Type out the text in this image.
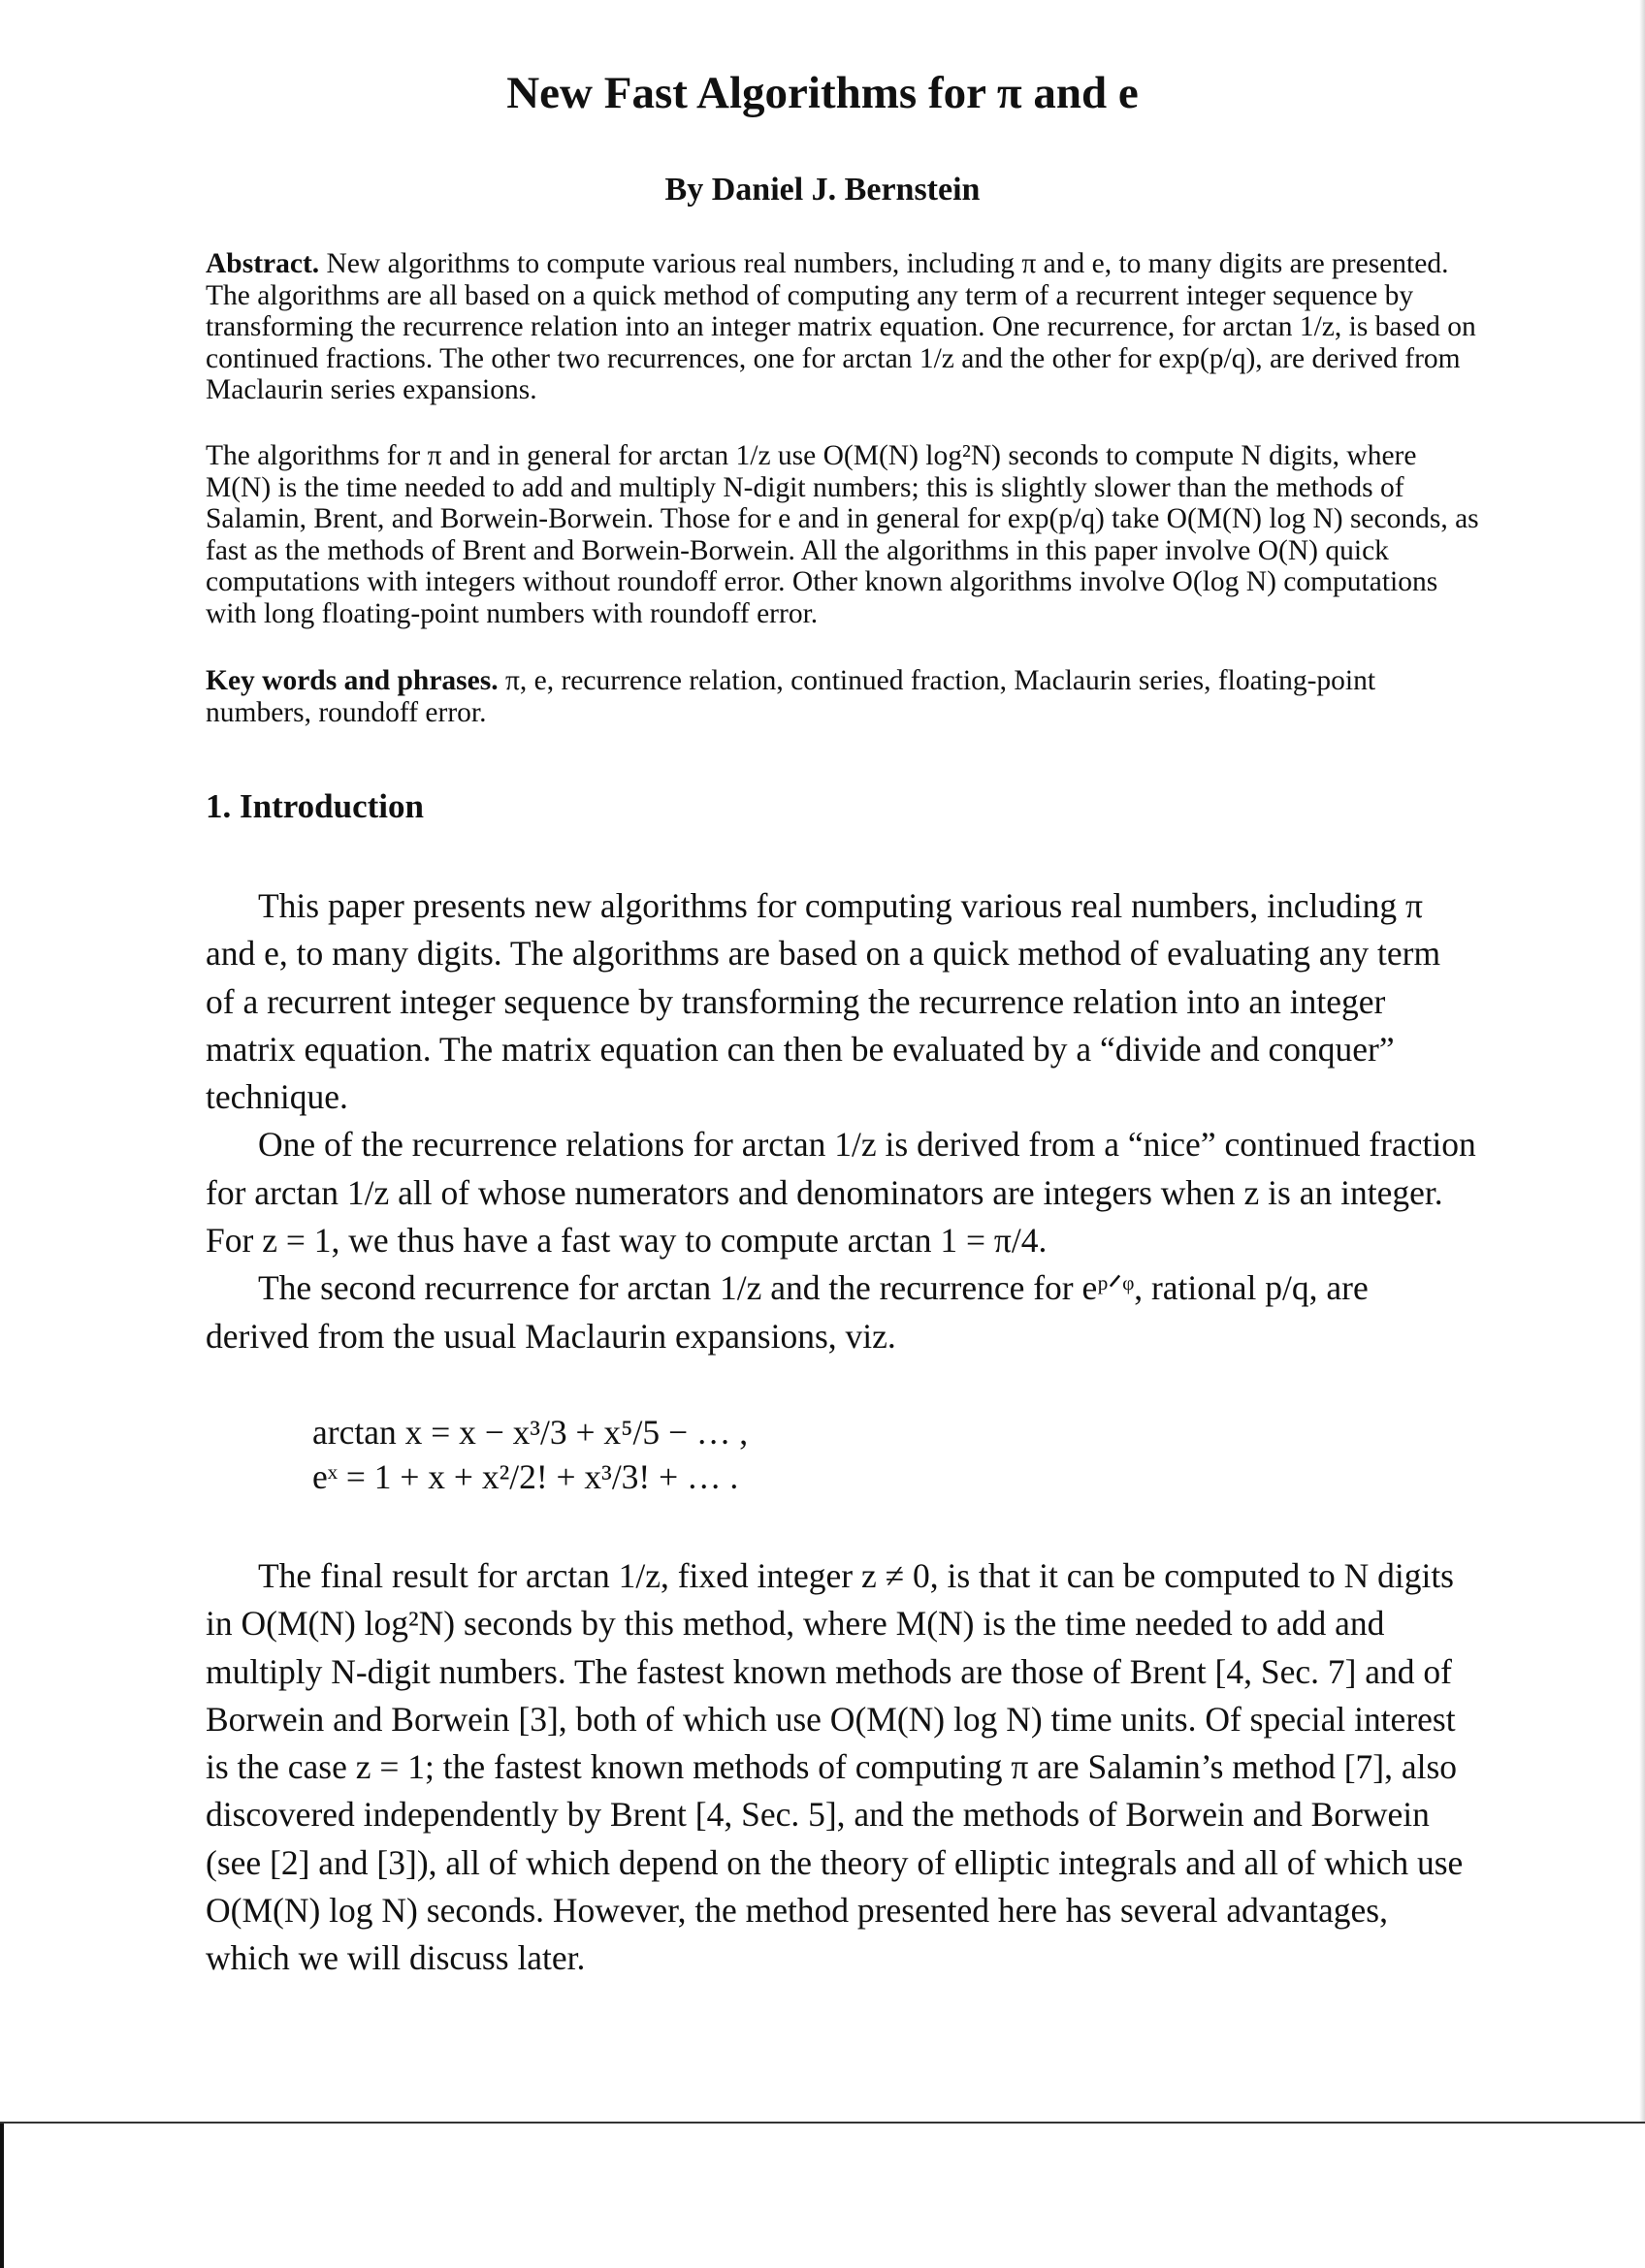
New Fast Algorithms for π and e
By Daniel J. Bernstein
Abstract. New algorithms to compute various real numbers, including π and e, to many digits are presented. The algorithms are all based on a quick method of computing any term of a recurrent integer sequence by transforming the recurrence relation into an integer matrix equation. One recurrence, for arctan 1/z, is based on continued fractions. The other two recurrences, one for arctan 1/z and the other for exp(p/q), are derived from Maclaurin series expansions.
The algorithms for π and in general for arctan 1/z use O(M(N) log²N) seconds to compute N digits, where M(N) is the time needed to add and multiply N-digit numbers; this is slightly slower than the methods of Salamin, Brent, and Borwein-Borwein. Those for e and in general for exp(p/q) take O(M(N) log N) seconds, as fast as the methods of Brent and Borwein-Borwein. All the algorithms in this paper involve O(N) quick computations with integers without roundoff error. Other known algorithms involve O(log N) computations with long floating-point numbers with roundoff error.
Key words and phrases. π, e, recurrence relation, continued fraction, Maclaurin series, floating-point numbers, roundoff error.
1. Introduction

This paper presents new algorithms for computing various real numbers, including π and e, to many digits. The algorithms are based on a quick method of evaluating any term of a recurrent integer sequence by transforming the recurrence relation into an integer matrix equation. The matrix equation can then be evaluated by a “divide and conquer” technique.

One of the recurrence relations for arctan 1/z is derived from a “nice” continued fraction for arctan 1/z all of whose numerators and denominators are integers when z is an integer. For z = 1, we thus have a fast way to compute arctan 1 = π/4.

The second recurrence for arctan 1/z and the recurrence for eᵖᐟᵠ, rational p/q, are derived from the usual Maclaurin expansions, viz.

arctan x = x − x³/3 + x⁵/5 − … ,
eˣ = 1 + x + x²/2! + x³/3! + … .

The final result for arctan 1/z, fixed integer z ≠ 0, is that it can be computed to N digits in O(M(N) log²N) seconds by this method, where M(N) is the time needed to add and multiply N-digit numbers. The fastest known methods are those of Brent [4, Sec. 7] and of Borwein and Borwein [3], both of which use O(M(N) log N) time units. Of special interest is the case z = 1; the fastest known methods of computing π are Salamin’s method [7], also discovered independently by Brent [4, Sec. 5], and the methods of Borwein and Borwein (see [2] and [3]), all of which depend on the theory of elliptic integrals and all of which use O(M(N) log N) seconds. However, the method presented here has several advantages, which we will discuss later.
